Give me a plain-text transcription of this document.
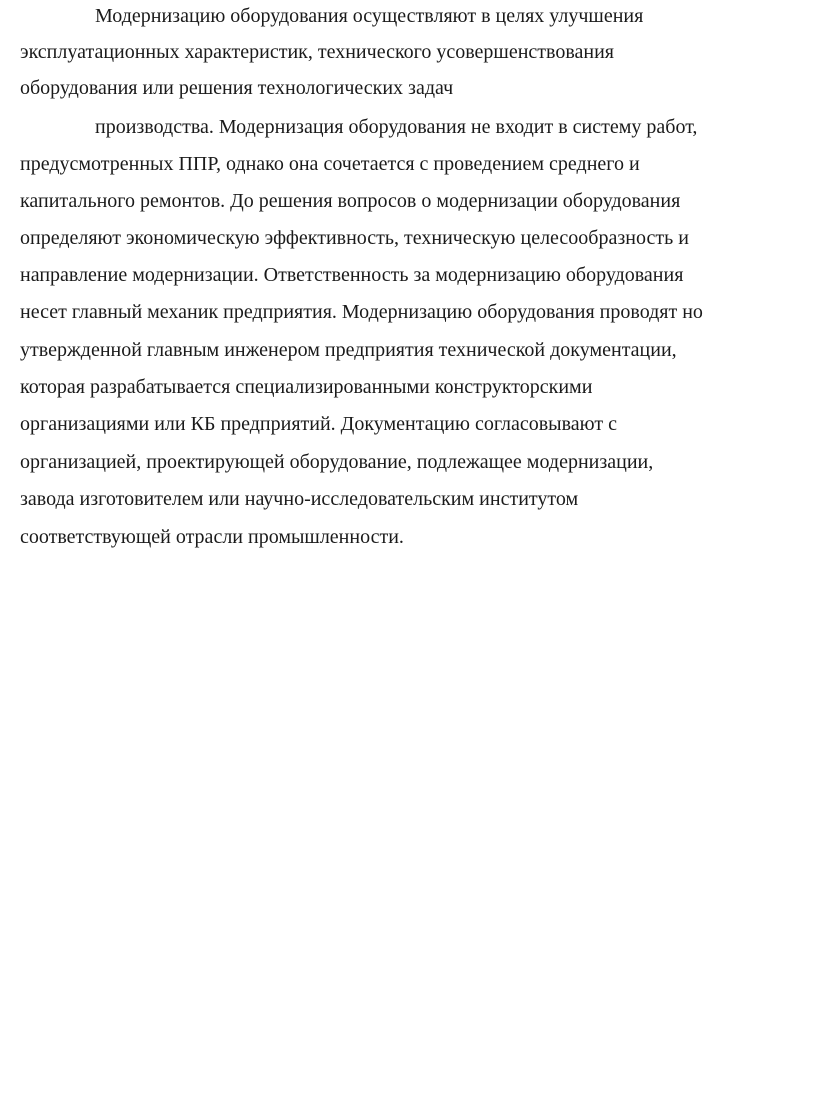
Модернизацию оборудования осуществляют в целях улучшения
эксплуатационных характеристик, технического усовершенствования
оборудования или решения технологических задач
производства. Модернизация оборудования не входит в систему работ,
предусмотренных ППР, однако она сочетается с проведением среднего и
капитального ремонтов. До решения вопросов о модернизации оборудования
определяют экономическую эффективность, техническую целесообразность и
направление модернизации. Ответственность за модернизацию оборудования
несет главный механик предприятия. Модернизацию оборудования проводят но
утвержденной главным инженером предприятия технической документации,
которая разрабатывается специализированными конструкторскими
организациями или КБ предприятий. Документацию согласовывают с
организацией, проектирующей оборудование, подлежащее модернизации,
завода изготовителем или научно-исследовательским институтом
соответствующей отрасли промышленности.
